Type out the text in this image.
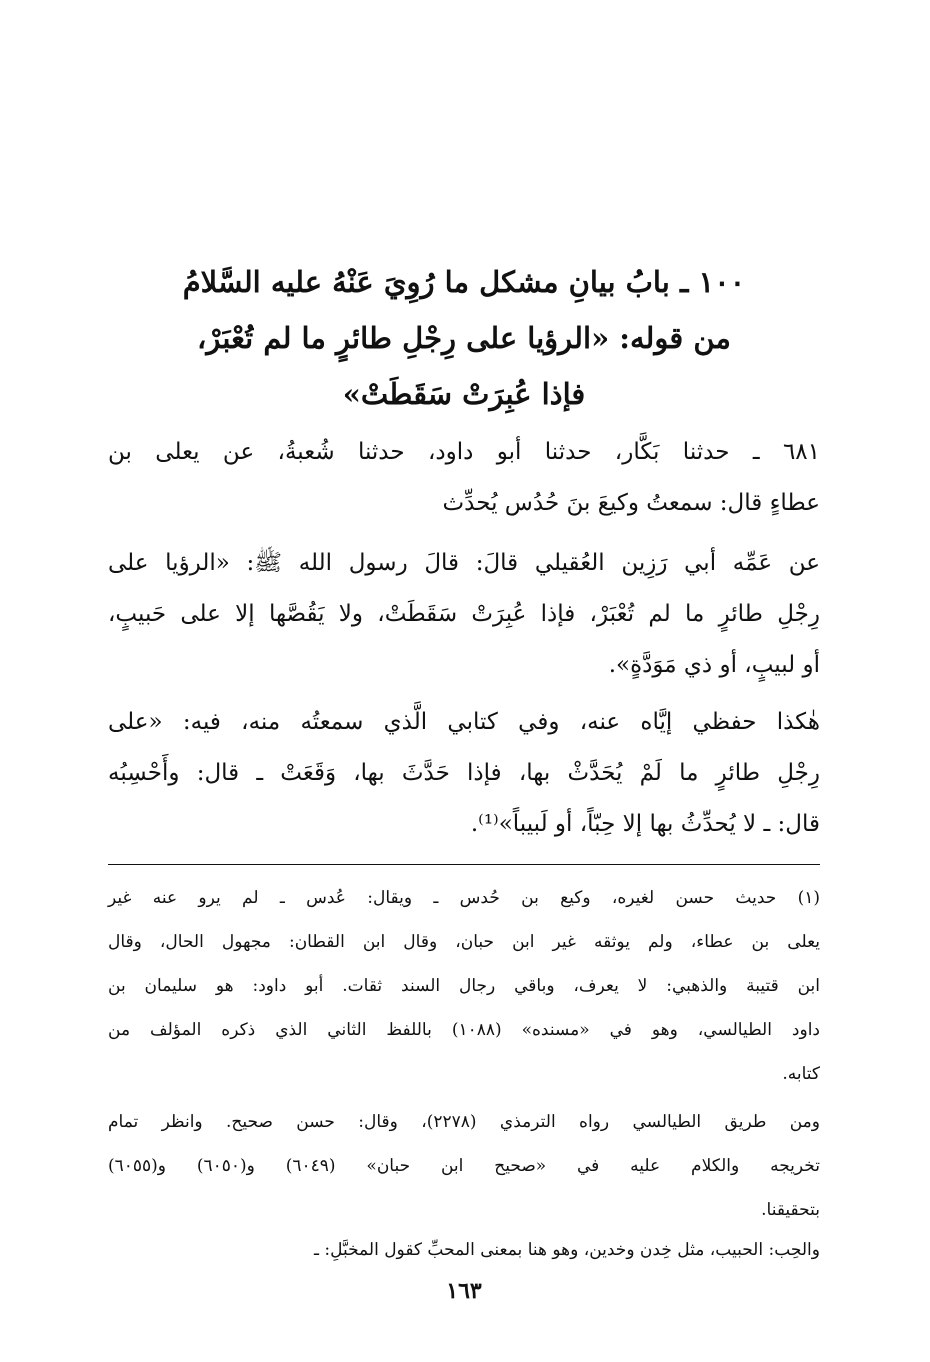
١٠٠ ـ بابُ بيانِ مشكل ما رُوِيَ عَنْهُ عليه السَّلامُ
من قوله: «الرؤيا على رِجْلِ طائرٍ ما لم تُعْبَرْ،
فإذا عُبِرَتْ سَقَطَتْ»
٦٨١ ـ حدثنا بَكَّار، حدثنا أبو داود، حدثنا شُعبةُ، عن يعلى بن
عطاءٍ قال: سمعتُ وكيعَ بنَ حُدُس يُحدِّث
عن عَمِّه أبي رَزِين العُقيلي قالَ: قالَ رسول الله ﷺ: «الرؤيا على
رِجْلِ طائرٍ ما لم تُعْبَرْ، فإذا عُبِرَتْ سَقَطَتْ، ولا يَقُصَّها إلا على حَبيبٍ،
أو لبيبٍ، أو ذي مَوَدَّةٍ».
هٰكذا حفظي إيَّاه عنه، وفي كتابي الَّذي سمعتُه منه، فيه: «على
رِجْلِ طائرٍ ما لَمْ يُحَدَّثْ بها، فإذا حَدَّثَ بها، وَقَعَتْ ـ قال: وأَحْسِبُه
قال: ـ لا يُحدِّثُ بها إلا حِبّاً، أو لَبيباً»⁽¹⁾.
(١) حديث حسن لغيره، وكيع بن حُدس ـ ويقال: عُدس ـ لم يرو عنه غير
يعلى بن عطاء، ولم يوثقه غير ابن حبان، وقال ابن القطان: مجهول الحال، وقال
ابن قتيبة والذهبي: لا يعرف، وباقي رجال السند ثقات. أبو داود: هو سليمان بن
داود الطيالسي، وهو في «مسنده» (١٠٨٨) باللفظ الثاني الذي ذكره المؤلف من
كتابه.
ومن طريق الطيالسي رواه الترمذي (٢٢٧٨)، وقال: حسن صحيح. وانظر تمام
تخريجه والكلام عليه في «صحيح ابن حبان» (٦٠٤٩) و(٦٠٥٠) و(٦٠٥٥)
بتحقيقنا.
والحِب: الحبيب، مثل خِدن وخدين، وهو هنا بمعنى المحبِّ كقول المخبَّلِ: ـ
١٦٣
